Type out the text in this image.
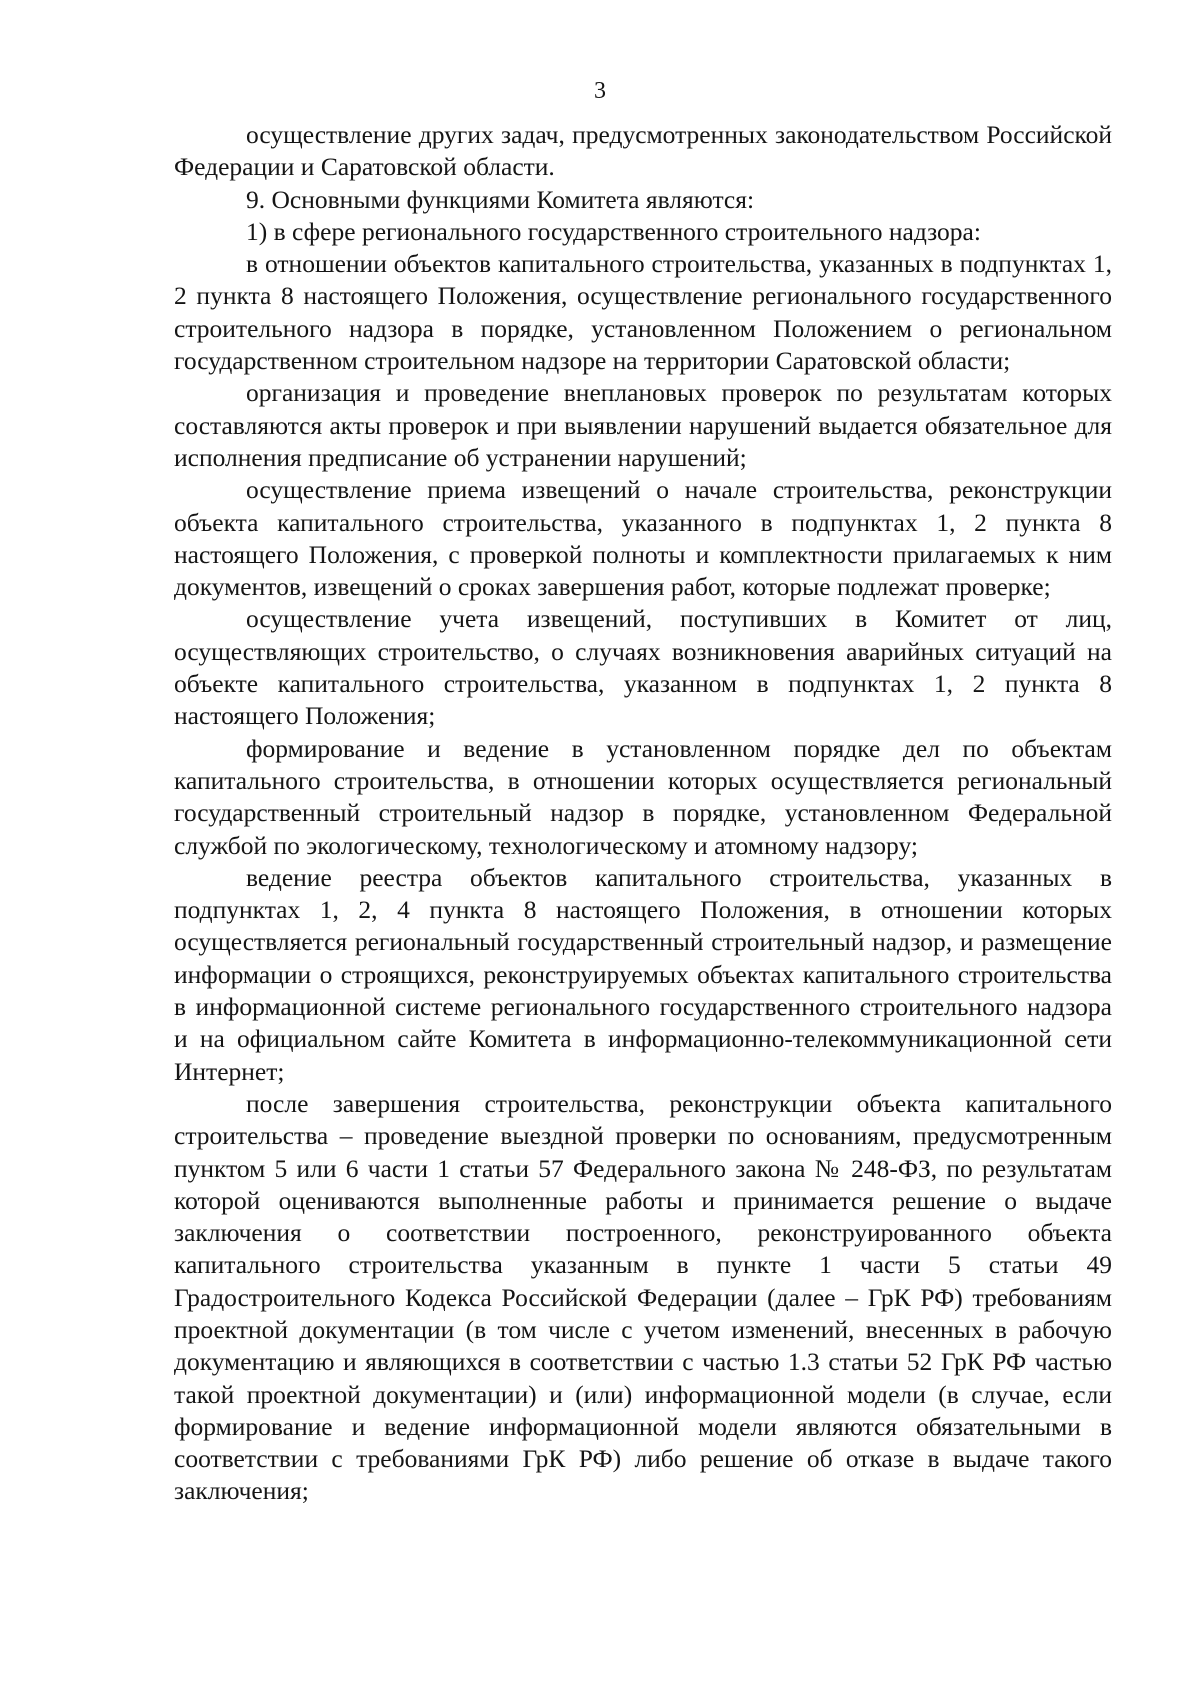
3

осуществление других задач, предусмотренных законодательством Российской Федерации и Саратовской области.

9. Основными функциями Комитета являются:

1) в сфере регионального государственного строительного надзора:

в отношении объектов капитального строительства, указанных в подпунктах 1, 2 пункта 8 настоящего Положения, осуществление регионального государственного строительного надзора в порядке, установленном Положением о региональном государственном строительном надзоре на территории Саратовской области;

организация и проведение внеплановых проверок по результатам которых составляются акты проверок и при выявлении нарушений выдается обязательное для исполнения предписание об устранении нарушений;

осуществление приема извещений о начале строительства, реконструкции объекта капитального строительства, указанного в подпунктах 1, 2 пункта 8 настоящего Положения, с проверкой полноты и комплектности прилагаемых к ним документов, извещений о сроках завершения работ, которые подлежат проверке;

осуществление учета извещений, поступивших в Комитет от лиц, осуществляющих строительство, о случаях возникновения аварийных ситуаций на объекте капитального строительства, указанном в подпунктах 1, 2 пункта 8 настоящего Положения;

формирование и ведение в установленном порядке дел по объектам капитального строительства, в отношении которых осуществляется региональный государственный строительный надзор в порядке, установленном Федеральной службой по экологическому, технологическому и атомному надзору;

ведение реестра объектов капитального строительства, указанных в подпунктах 1, 2, 4 пункта 8 настоящего Положения, в отношении которых осуществляется региональный государственный строительный надзор, и размещение информации о строящихся, реконструируемых объектах капитального строительства в информационной системе регионального государственного строительного надзора и на официальном сайте Комитета в информационно-телекоммуникационной сети Интернет;

после завершения строительства, реконструкции объекта капитального строительства – проведение выездной проверки по основаниям, предусмотренным пунктом 5 или 6 части 1 статьи 57 Федерального закона № 248-ФЗ, по результатам которой оцениваются выполненные работы и принимается решение о выдаче заключения о соответствии построенного, реконструированного объекта капитального строительства указанным в пункте 1 части 5 статьи 49 Градостроительного Кодекса Российской Федерации (далее – ГрК РФ) требованиям проектной документации (в том числе с учетом изменений, внесенных в рабочую документацию и являющихся в соответствии с частью 1.3 статьи 52 ГрК РФ частью такой проектной документации) и (или) информационной модели (в случае, если формирование и ведение информационной модели являются обязательными в соответствии с требованиями ГрК РФ) либо решение об отказе в выдаче такого заключения;
